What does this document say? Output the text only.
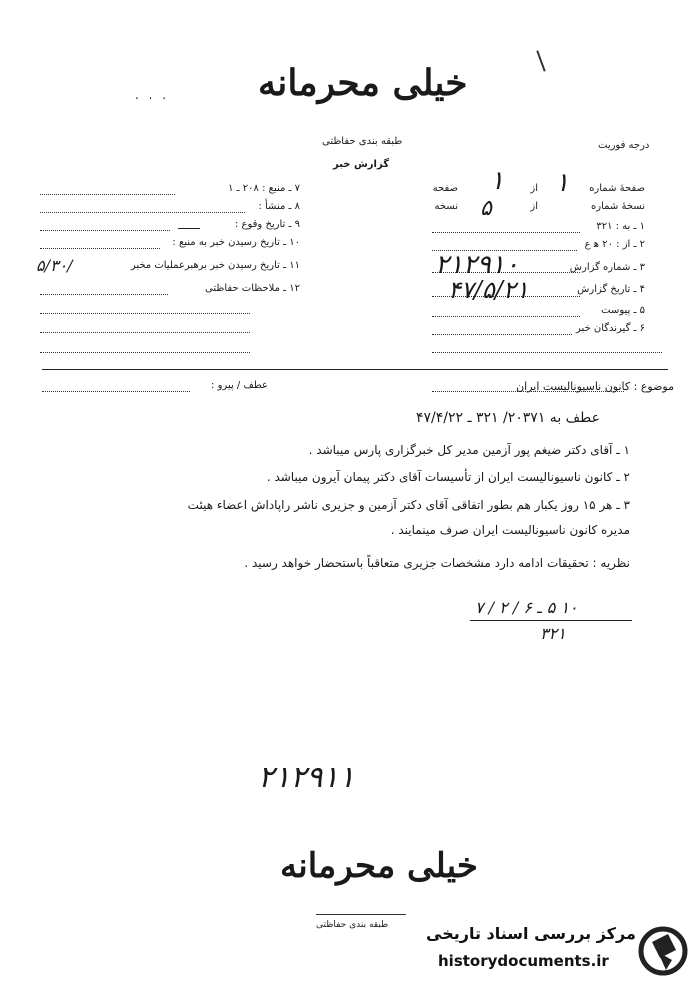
. . . خیلی محرمانه
طبقه بندی حفاظتی
گزارش خبر
درجه فوریت
۷ ـ منبع : ۲۰۸ ـ ۱
۸ ـ منشأ :
۹ ـ تاریخ وقوع :
۱۰ ـ تاریخ رسیدن خبر به منبع :
۱۱ ـ تاریخ رسیدن خبر برهبرعملیات مخبر
۵/۳۰/
۱۲ ـ ملاحظات حفاظتی
صفحهٔ شماره
۱
از
۱
صفحه
نسخهٔ شماره
از
۵
نسخه
۱ ـ به : ۳۲۱
۲ ـ از : ۲۰ ه‍ ع
۳ ـ شماره گزارش
۲۱۲۹۱۰
۴ ـ تاریخ گزارش
۴۷/۵/۲۱
۵ ـ پیوست
۶ ـ گیرندگان خبر
موضوع : کانون ناسیونالیست ایران
عطف / پیرو :
عطف به ۲۰۳۷۱/ ۳۲۱ ـ ۴۷/۴/۲۲
۱ ـ آقای دکتر ضیغم پور آزمین مدیر کل خبرگزاری پارس میباشد .
۲ ـ کانون ناسیونالیست ایران از تأسیسات آقای دکتر پیمان آیرون میباشد .
۳ ـ هر ۱۵ روز یکبار هم بطور اتفاقی آقای دکتر آزمین و جزیری ناشر راپاداش اعضاء هیئت
مدیره کانون ناسیونالیست ایران صرف مینمایند .
نظریه : تحقیقات ادامه دارد مشخصات جزیری متعاقباً باستحضار خواهد رسید .
۱۰ ۵ ـ ۶ / ۲ / ۷
۳۲۱
۲۱۲۹۱۱
خیلی محرمانه
طبقه بندی حفاظتی مرکز بررسی اسناد تاریخی
historydocuments.ir
